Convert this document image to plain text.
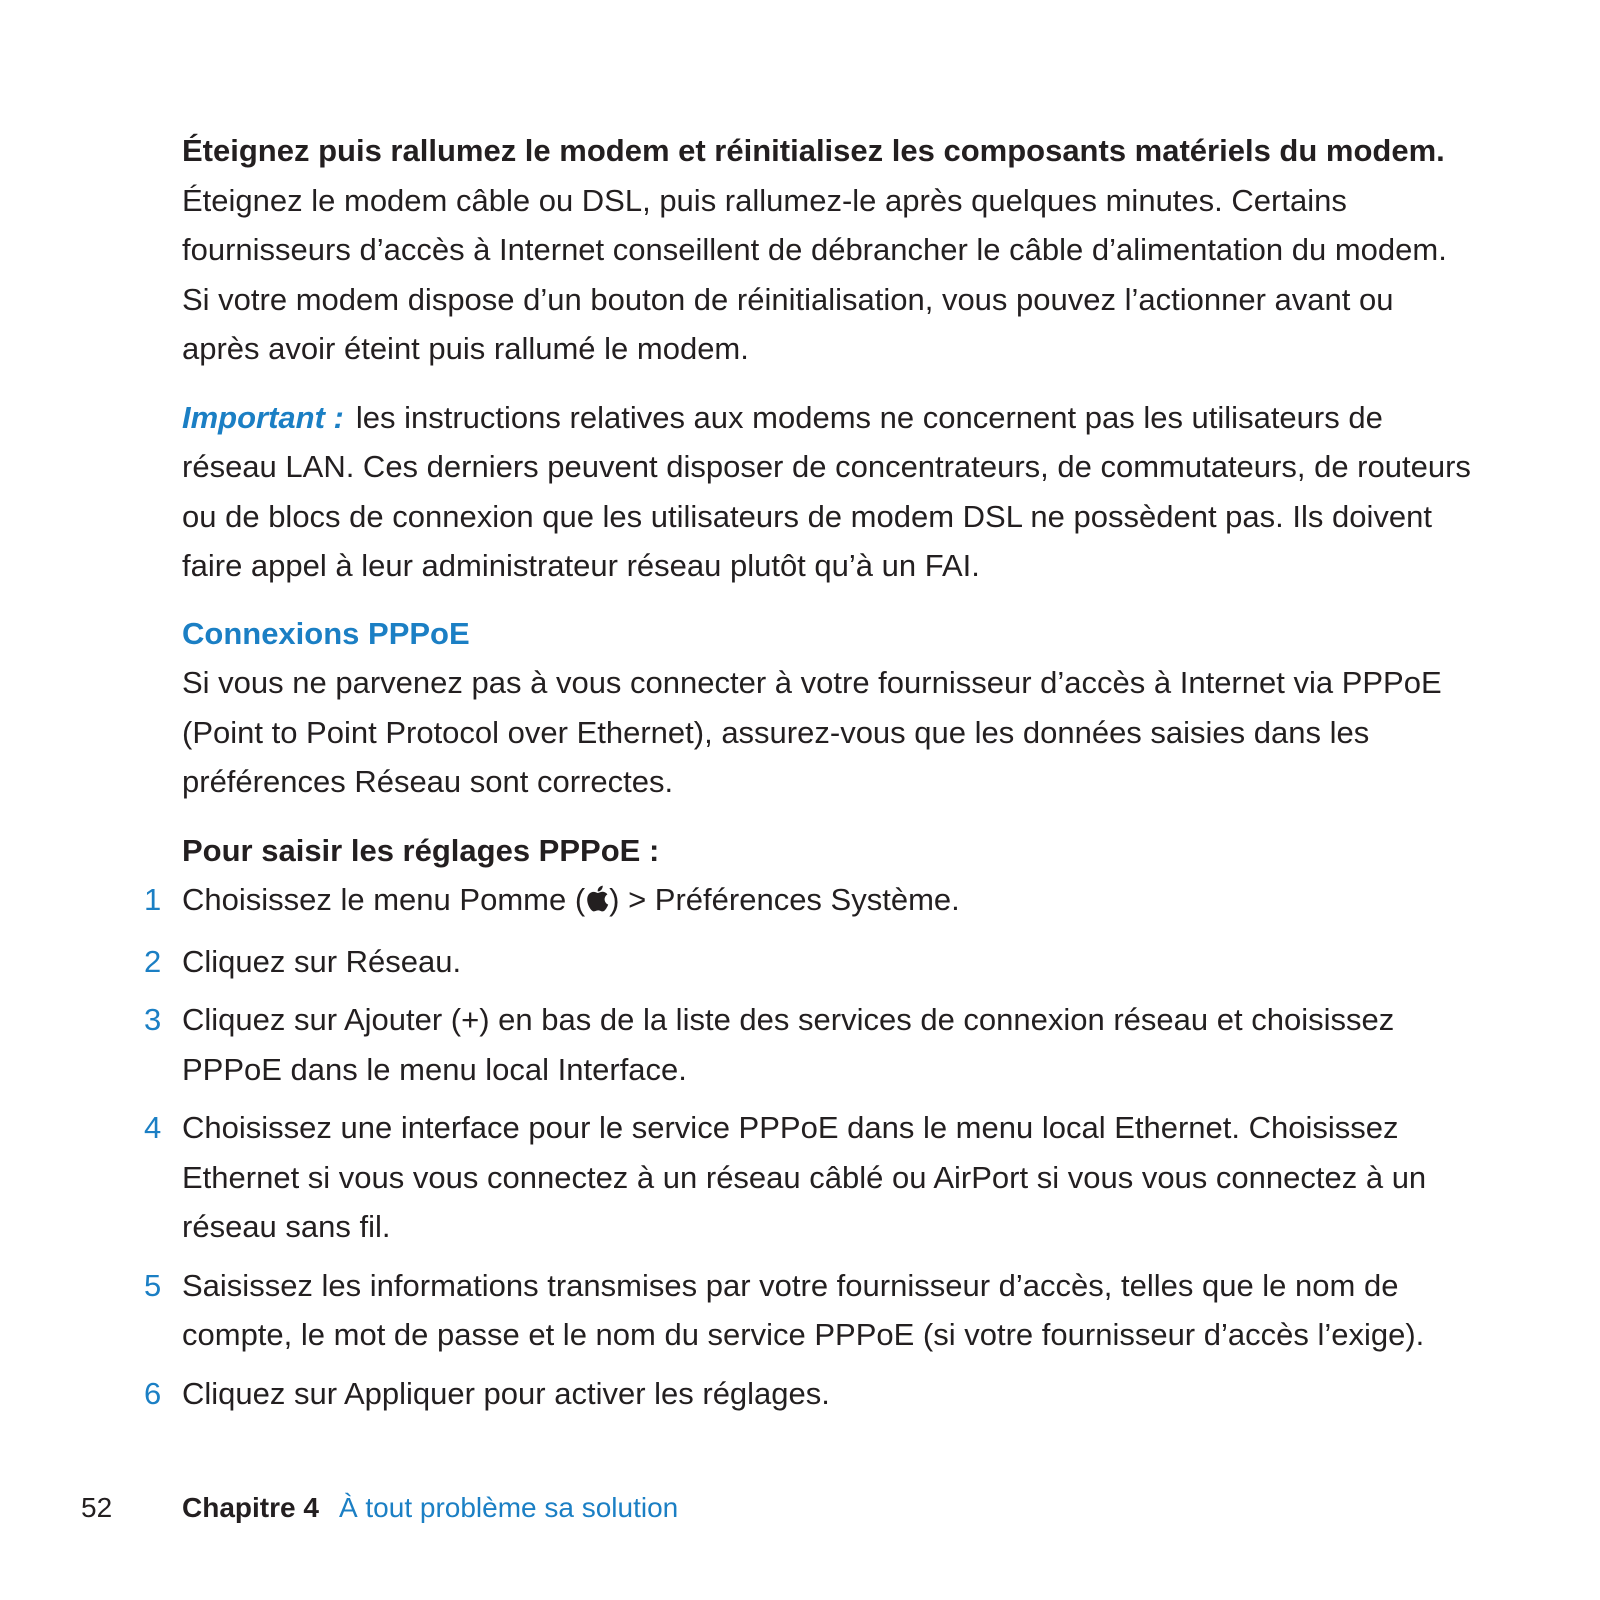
Éteignez puis rallumez le modem et réinitialisez les composants matériels du modem.
Éteignez le modem câble ou DSL, puis rallumez-le après quelques minutes. Certains fournisseurs d’accès à Internet conseillent de débrancher le câble d’alimentation du modem. Si votre modem dispose d’un bouton de réinitialisation, vous pouvez l’actionner avant ou après avoir éteint puis rallumé le modem.

Important : les instructions relatives aux modems ne concernent pas les utilisateurs de réseau LAN. Ces derniers peuvent disposer de concentrateurs, de commutateurs, de routeurs ou de blocs de connexion que les utilisateurs de modem DSL ne possèdent pas. Ils doivent faire appel à leur administrateur réseau plutôt qu’à un FAI.

Connexions PPPoE

Si vous ne parvenez pas à vous connecter à votre fournisseur d’accès à Internet via PPPoE (Point to Point Protocol over Ethernet), assurez-vous que les données saisies dans les préférences Réseau sont correctes.

Pour saisir les réglages PPPoE :

1 Choisissez le menu Pomme ( ) > Préférences Système.
2 Cliquez sur Réseau.
3 Cliquez sur Ajouter (+) en bas de la liste des services de connexion réseau et choisissez PPPoE dans le menu local Interface.
4 Choisissez une interface pour le service PPPoE dans le menu local Ethernet. Choisissez Ethernet si vous vous connectez à un réseau câblé ou AirPort si vous vous connectez à un réseau sans fil.
5 Saisissez les informations transmises par votre fournisseur d’accès, telles que le nom de compte, le mot de passe et le nom du service PPPoE (si votre fournisseur d’accès l’exige).
6 Cliquez sur Appliquer pour activer les réglages.
52 Chapitre 4 À tout problème sa solution
